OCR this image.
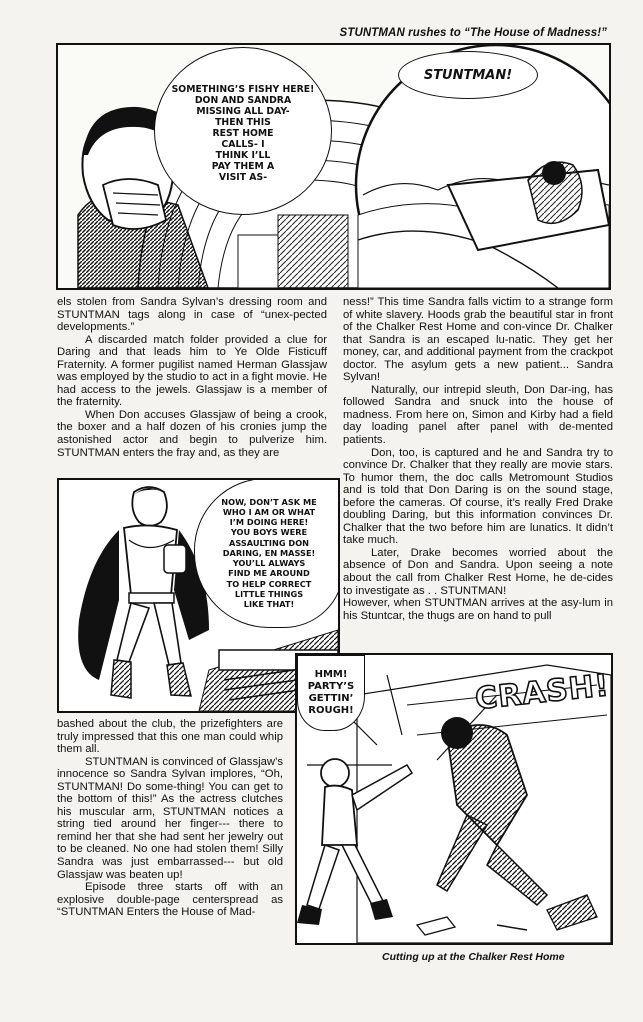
STUNTMAN rushes to “The House of Madness!”
SOMETHING’S FISHY HERE!
DON AND SANDRA
MISSING ALL DAY-
THEN THIS
REST HOME
CALLS- I
THINK I’LL
PAY THEM A
VISIT AS-
STUNTMAN!

els stolen from Sandra Sylvan’s dressing room and STUNTMAN tags along in case of “unex-pected developments.”

A discarded match folder provided a clue for Daring and that leads him to Ye Olde Fisticuff Fraternity. A former pugilist named Herman Glassjaw was employed by the studio to act in a fight movie. He had access to the jewels. Glassjaw is a member of the fraternity.

When Don accuses Glassjaw of being a crook, the boxer and a half dozen of his cronies jump the astonished actor and begin to pulverize him. STUNTMAN enters the fray and, as they are

ness!” This time Sandra falls victim to a strange form of white slavery. Hoods grab the beautiful star in front of the Chalker Rest Home and con-vince Dr. Chalker that Sandra is an escaped lu-natic. They get her money, car, and additional payment from the crackpot doctor. The asylum gets a new patient... Sandra Sylvan!

Naturally, our intrepid sleuth, Don Dar-ing, has followed Sandra and snuck into the house of madness. From here on, Simon and Kirby had a field day loading panel after panel with de-mented patients.

Don, too, is captured and he and Sandra try to convince Dr. Chalker that they really are movie stars. To humor them, the doc calls Metromount Studios and is told that Don Daring is on the sound stage, before the cameras. Of course, it’s really Fred Drake doubling Daring, but this information convinces Dr. Chalker that the two before him are lunatics. It didn’t take much.

Later, Drake becomes worried about the absence of Don and Sandra. Upon seeing a note about the call from Chalker Rest Home, he de-cides to investigate as . . STUNTMAN!

However, when STUNTMAN arrives at the asy-lum in his Stuntcar, the thugs are on hand to pull

NOW, DON’T ASK ME
WHO I AM OR WHAT
I’M DOING HERE!
YOU BOYS WERE
ASSAULTING DON
DARING, EN MASSE!
YOU’LL ALWAYS
FIND ME AROUND
TO HELP CORRECT
LITTLE THINGS
LIKE THAT!

bashed about the club, the prizefighters are truly impressed that this one man could whip them all.

STUNTMAN is convinced of Glassjaw’s innocence so Sandra Sylvan implores, “Oh, STUNTMAN! Do some-thing! You can get to the bottom of this!” As the actress clutches his muscular arm, STUNTMAN notices a string tied around her finger--- there to remind her that she had sent her jewelry out to be cleaned. No one had stolen them! Silly Sandra was just embarrassed--- but old Glassjaw was beaten up!

Episode three starts off with an explosive double-page centerspread as “STUNTMAN Enters the House of Mad-

HMM!
PARTY’S
GETTIN’
ROUGH!	CRASH!
Cutting up at the Chalker Rest Home
